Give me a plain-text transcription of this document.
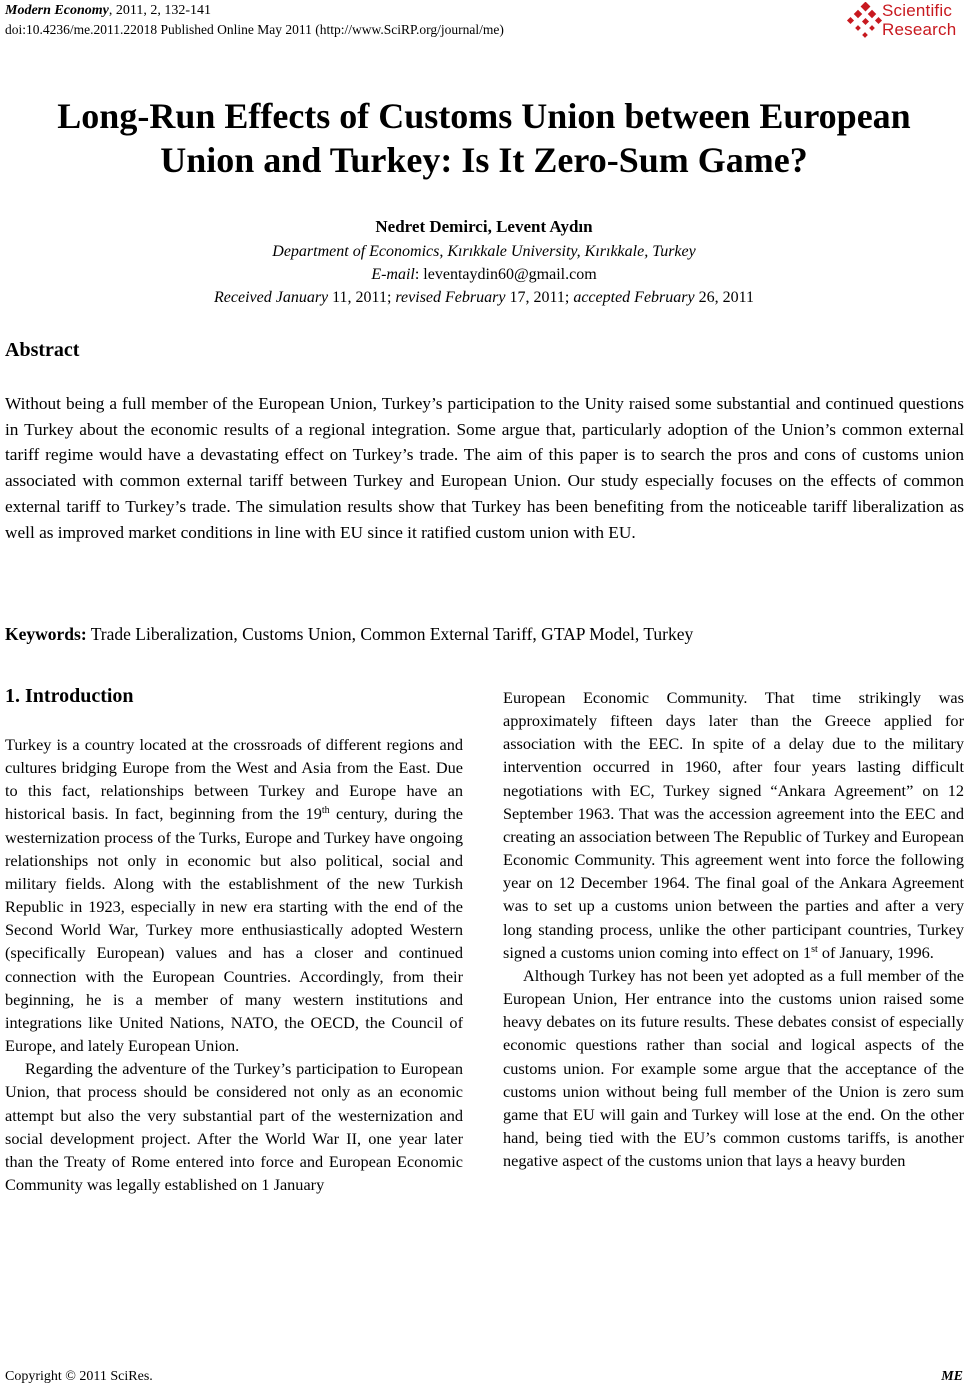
Modern Economy, 2011, 2, 132-141
doi:10.4236/me.2011.22018 Published Online May 2011 (http://www.SciRP.org/journal/me)
Scientific
Research
Long-Run Effects of Customs Union between European
Union and Turkey: Is It Zero-Sum Game?
Nedret Demirci, Levent Aydın
Department of Economics, Kırıkkale University, Kırıkkale, Turkey
E-mail: leventaydin60@gmail.com
Received January 11, 2011; revised February 17, 2011; accepted February 26, 2011
Abstract
Without being a full member of the European Union, Turkey’s participation to the Unity raised some substantial and continued questions in Turkey about the economic results of a regional integration. Some argue that, particularly adoption of the Union’s common external tariff regime would have a devastating effect on Turkey’s trade. The aim of this paper is to search the pros and cons of customs union associated with common external tariff between Turkey and European Union. Our study especially focuses on the effects of common external tariff to Turkey’s trade. The simulation results show that Turkey has been benefiting from the noticeable tariff liberalization as well as improved market conditions in line with EU since it ratified custom union with EU.
Keywords: Trade Liberalization, Customs Union, Common External Tariff, GTAP Model, Turkey
1. Introduction

Turkey is a country located at the crossroads of different regions and cultures bridging Europe from the West and Asia from the East. Due to this fact, relationships between Turkey and Europe have an historical basis. In fact, beginning from the 19th century, during the westernization process of the Turks, Europe and Turkey have ongoing relationships not only in economic but also political, social and military fields. Along with the establishment of the new Turkish Republic in 1923, especially in new era starting with the end of the Second World War, Turkey more enthusiastically adopted Western (specifically European) values and has a closer and continued connection with the European Countries. Accordingly, from their beginning, he is a member of many western institutions and integrations like United Nations, NATO, the OECD, the Council of Europe, and lately European Union.

Regarding the adventure of the Turkey’s participation to European Union, that process should be considered not only as an economic attempt but also the very substantial part of the westernization and social development project. After the World War II, one year later than the Treaty of Rome entered into force and European Economic Community was legally established on 1 January

European Economic Community. That time strikingly was approximately fifteen days later than the Greece applied for association with the EEC. In spite of a delay due to the military intervention occurred in 1960, after four years lasting difficult negotiations with EC, Turkey signed “Ankara Agreement” on 12 September 1963. That was the accession agreement into the EEC and creating an association between The Republic of Turkey and European Economic Community. This agreement went into force the following year on 12 December 1964. The final goal of the Ankara Agreement was to set up a customs union between the parties and after a very long standing process, unlike the other participant countries, Turkey signed a customs union coming into effect on 1st of January, 1996.

Although Turkey has not been yet adopted as a full member of the European Union, Her entrance into the customs union raised some heavy debates on its future results. These debates consist of especially economic questions rather than social and logical aspects of the customs union. For example some argue that the acceptance of the customs union without being full member of the Union is zero sum game that EU will gain and Turkey will lose at the end. On the other hand, being tied with the EU’s common customs tariffs, is another negative aspect of the customs union that lays a heavy burden

Copyright © 2011 SciRes.	ME
